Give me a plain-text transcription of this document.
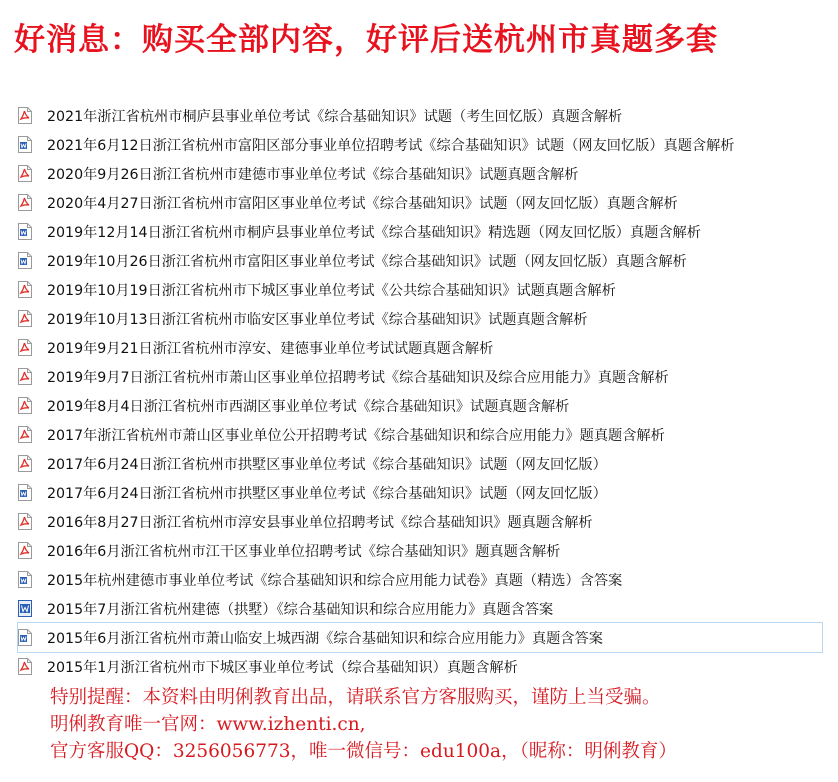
好消息：购买全部内容，好评后送杭州市真题多套
2021年浙江省杭州市桐庐县事业单位考试《综合基础知识》试题（考生回忆版）真题含解析
2021年6月12日浙江省杭州市富阳区部分事业单位招聘考试《综合基础知识》试题（网友回忆版）真题含解析
2020年9月26日浙江省杭州市建德市事业单位考试《综合基础知识》试题真题含解析
2020年4月27日浙江省杭州市富阳区事业单位考试《综合基础知识》试题（网友回忆版）真题含解析
2019年12月14日浙江省杭州市桐庐县事业单位考试《综合基础知识》精选题（网友回忆版）真题含解析
2019年10月26日浙江省杭州市富阳区事业单位考试《综合基础知识》试题（网友回忆版）真题含解析
2019年10月19日浙江省杭州市下城区事业单位考试《公共综合基础知识》试题真题含解析
2019年10月13日浙江省杭州市临安区事业单位考试《综合基础知识》试题真题含解析
2019年9月21日浙江省杭州市淳安、建德事业单位考试试题真题含解析
2019年9月7日浙江省杭州市萧山区事业单位招聘考试《综合基础知识及综合应用能力》真题含解析
2019年8月4日浙江省杭州市西湖区事业单位考试《综合基础知识》试题真题含解析
2017年浙江省杭州市萧山区事业单位公开招聘考试《综合基础知识和综合应用能力》题真题含解析
2017年6月24日浙江省杭州市拱墅区事业单位考试《综合基础知识》试题（网友回忆版）
2017年6月24日浙江省杭州市拱墅区事业单位考试《综合基础知识》试题（网友回忆版）
2016年8月27日浙江省杭州市淳安县事业单位招聘考试《综合基础知识》题真题含解析
2016年6月浙江省杭州市江干区事业单位招聘考试《综合基础知识》题真题含解析
2015年杭州建德市事业单位考试《综合基础知识和综合应用能力试卷》真题（精选）含答案
2015年7月浙江省杭州建德（拱墅）《综合基础知识和综合应用能力》真题含答案
2015年6月浙江省杭州市萧山临安上城西湖《综合基础知识和综合应用能力》真题含答案
2015年1月浙江省杭州市下城区事业单位考试（综合基础知识）真题含解析
特别提醒：本资料由明俐教育出品，请联系官方客服购买，谨防上当受骗。
明俐教育唯一官网：www.izhenti.cn,
官方客服QQ：3256056773，唯一微信号：edu100a，（昵称：明俐教育）
